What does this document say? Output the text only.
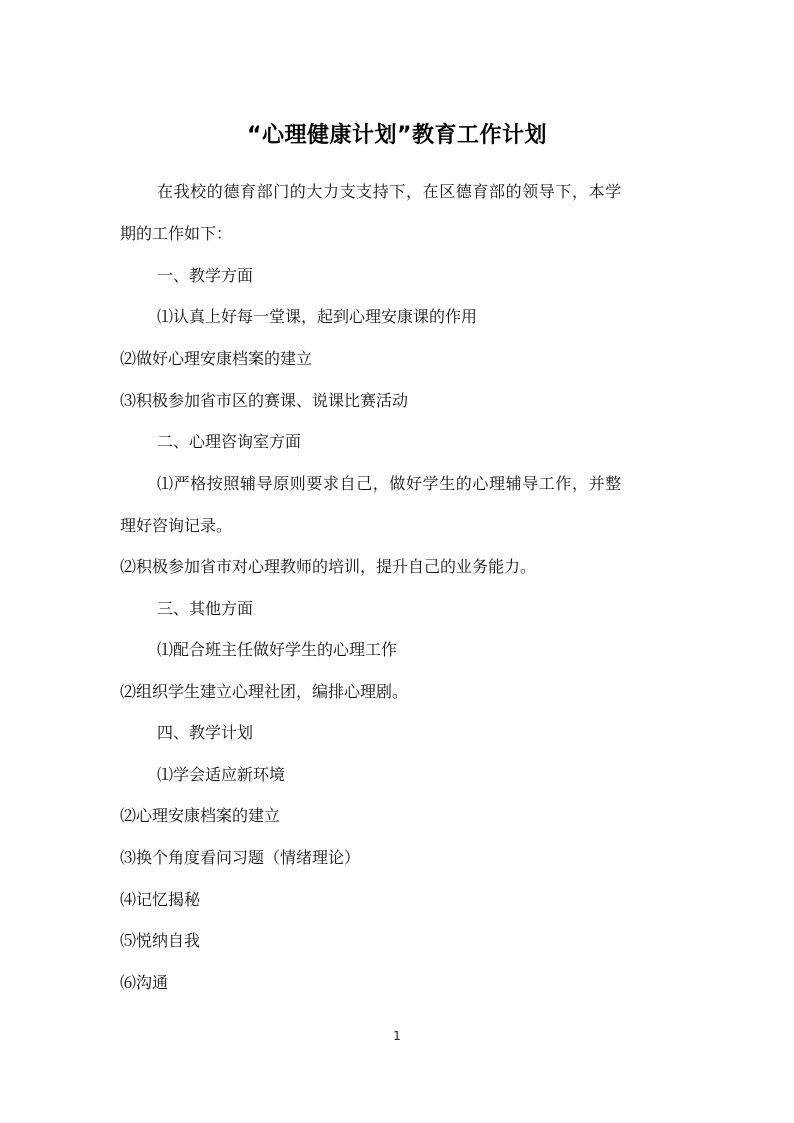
“心理健康计划”教育工作计划
在我校的德育部门的大力支支持下，在区德育部的领导下，本学
期的工作如下：
一、教学方面
⑴认真上好每一堂课，起到心理安康课的作用
⑵做好心理安康档案的建立
⑶积极参加省市区的赛课、说课比赛活动
二、心理咨询室方面
⑴严格按照辅导原则要求自己，做好学生的心理辅导工作，并整
理好咨询记录。
⑵积极参加省市对心理教师的培训，提升自己的业务能力。
三、其他方面
⑴配合班主任做好学生的心理工作
⑵组织学生建立心理社团，编排心理剧。
四、教学计划
⑴学会适应新环境
⑵心理安康档案的建立
⑶换个角度看问习题（情绪理论）
⑷记忆揭秘
⑸悦纳自我
⑹沟通
1
